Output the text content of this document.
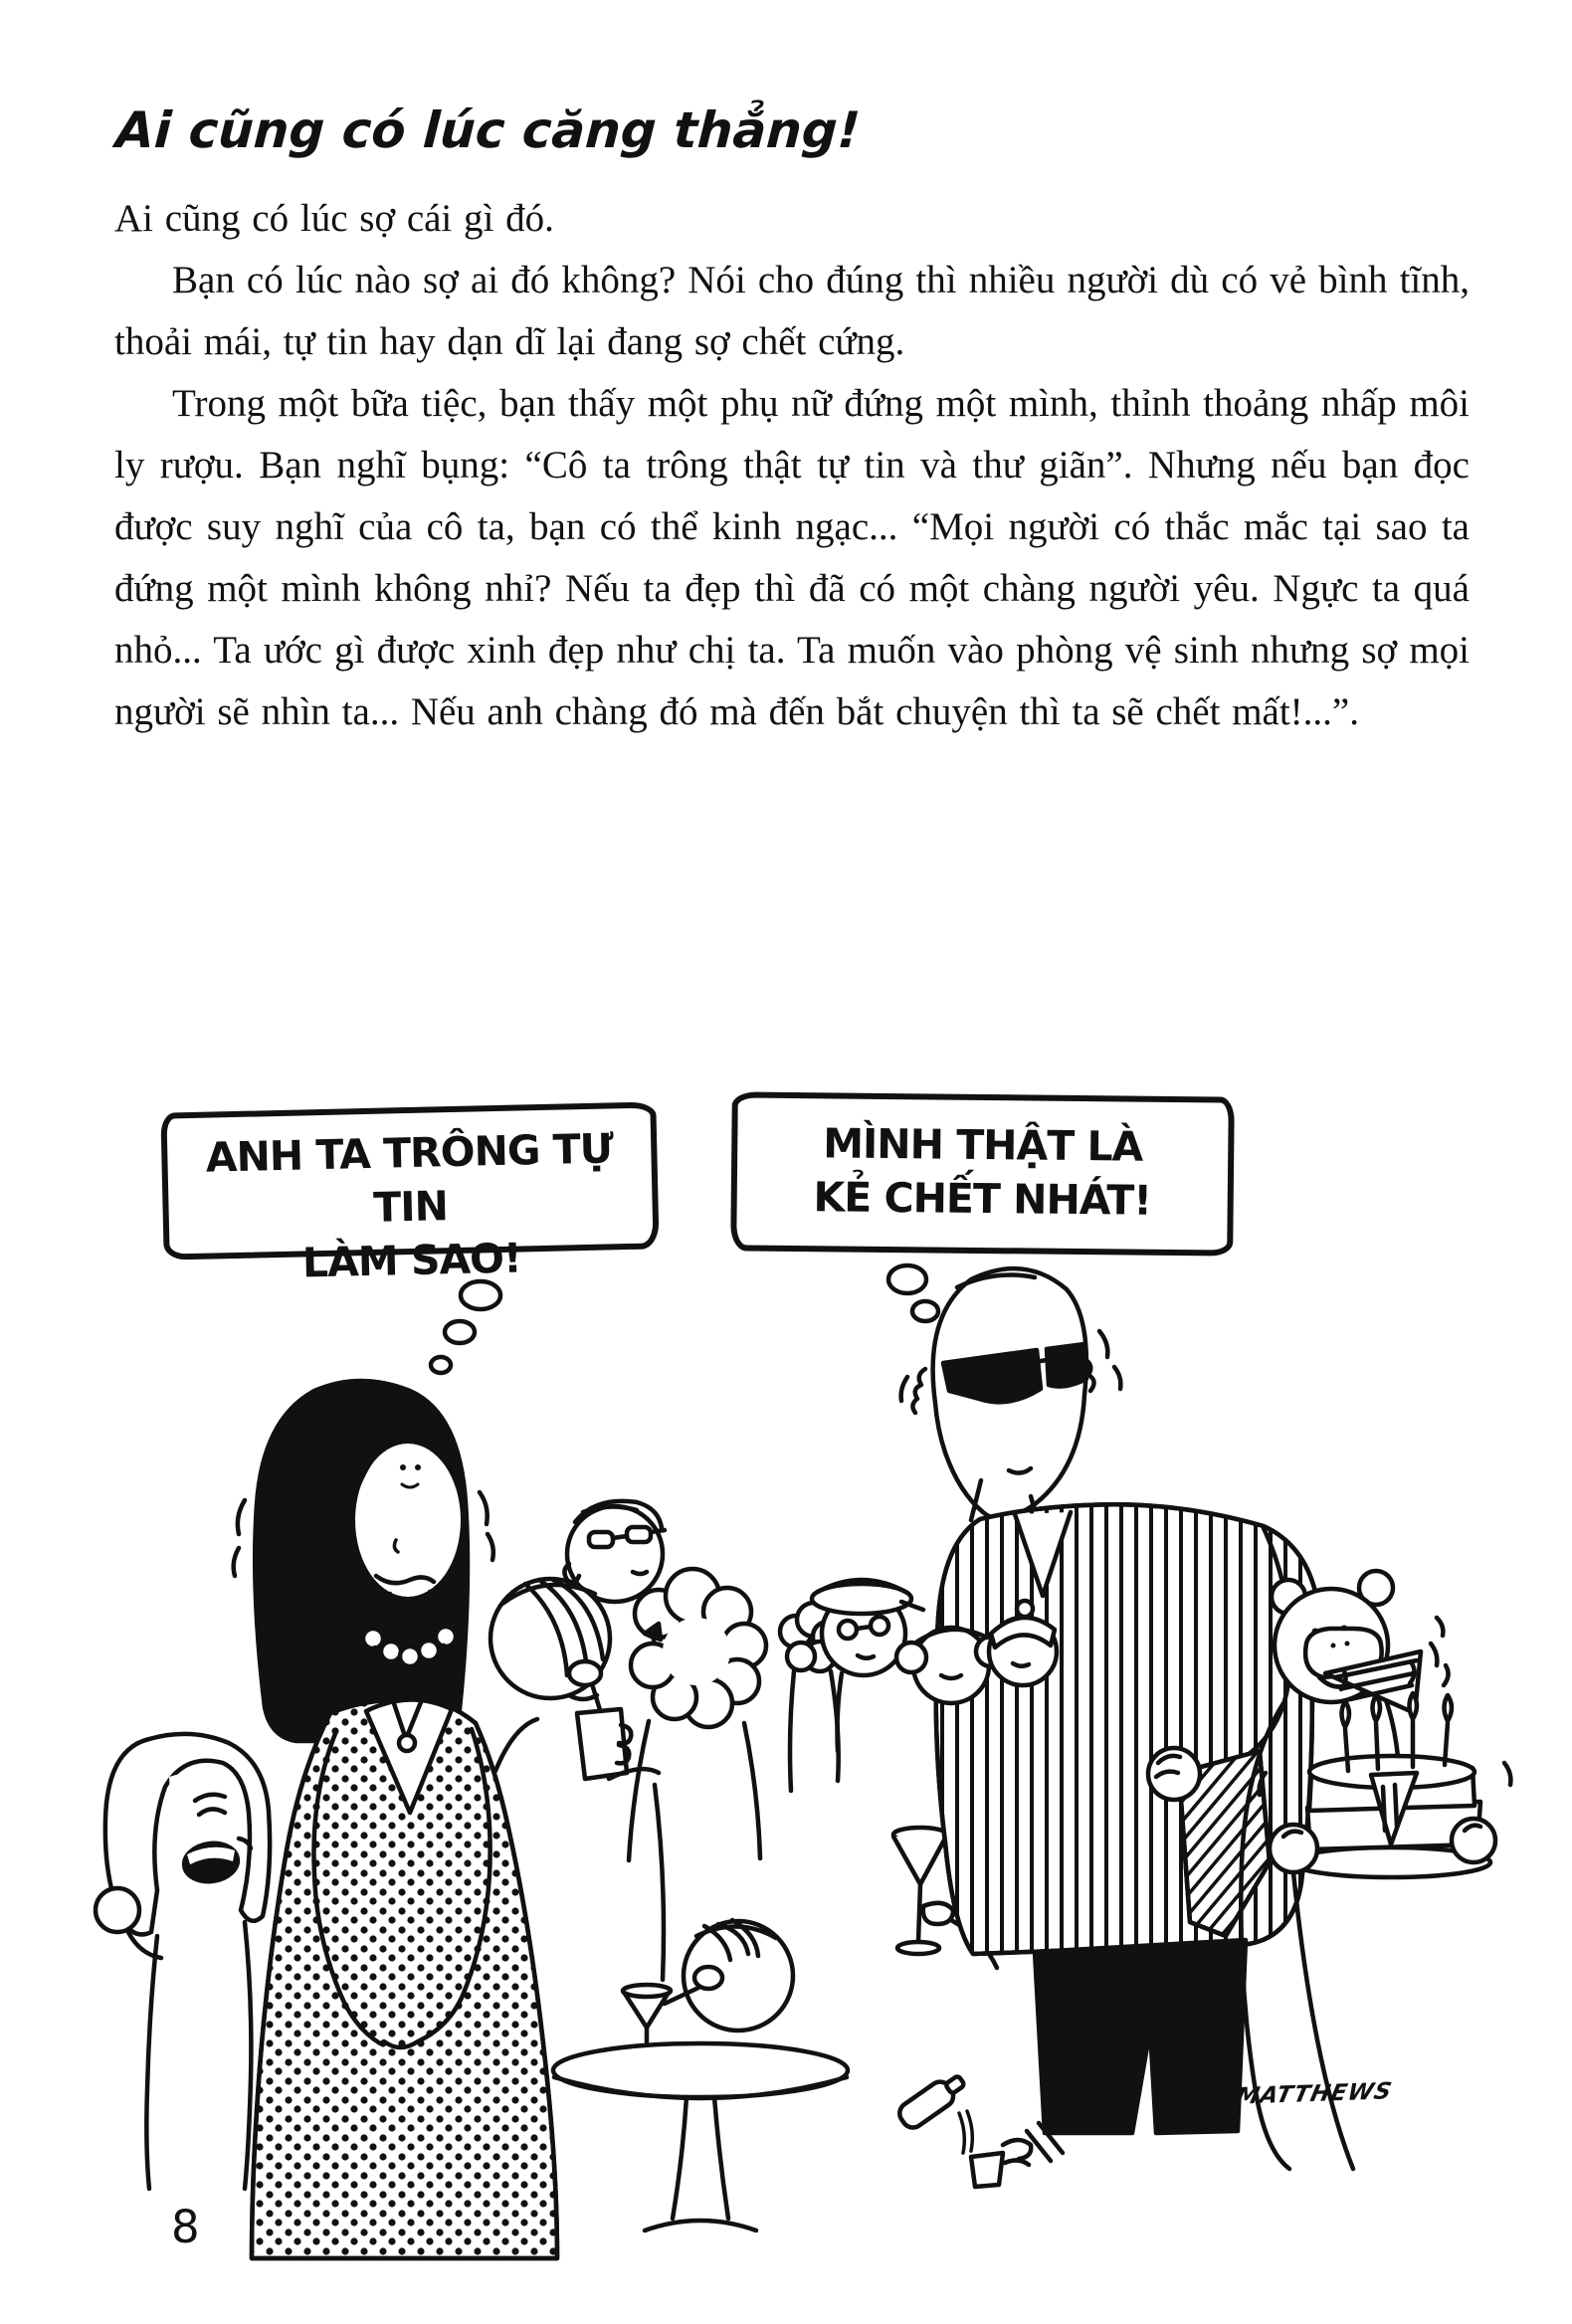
Ai cũng có lúc căng thẳng!

Ai cũng có lúc sợ cái gì đó.

Bạn có lúc nào sợ ai đó không? Nói cho đúng thì nhiều người dù có vẻ bình tĩnh, thoải mái, tự tin hay dạn dĩ lại đang sợ chết cứng.

Trong một bữa tiệc, bạn thấy một phụ nữ đứng một mình, thỉnh thoảng nhấp môi ly rượu. Bạn nghĩ bụng: “Cô ta trông thật tự tin và thư giãn”. Nhưng nếu bạn đọc được suy nghĩ của cô ta, bạn có thể kinh ngạc... “Mọi người có thắc mắc tại sao ta đứng một mình không nhỉ? Nếu ta đẹp thì đã có một chàng người yêu. Ngực ta quá nhỏ... Ta ước gì được xinh đẹp như chị ta. Ta muốn vào phòng vệ sinh nhưng sợ mọi người sẽ nhìn ta... Nếu anh chàng đó mà đến bắt chuyện thì ta sẽ chết mất!...”.

ANH TA TRÔNG TỰ TIN
LÀM SAO!
MÌNH THẬT LÀ
KẺ CHẾT NHÁT!
MATTHEWS
8
